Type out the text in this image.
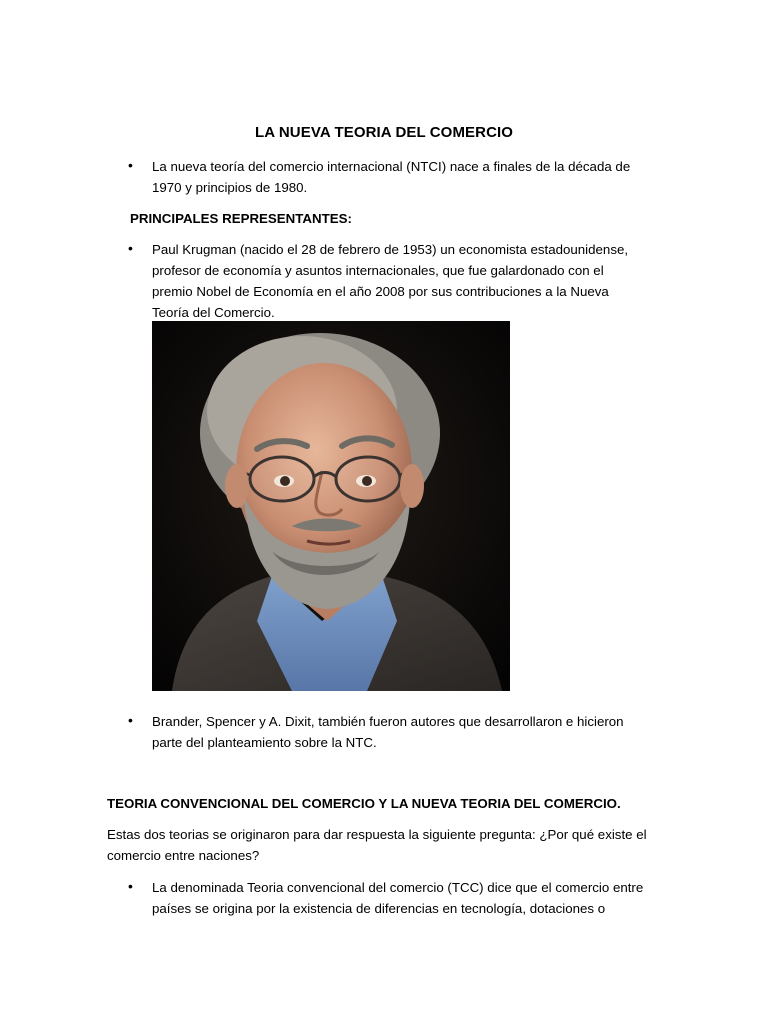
LA NUEVA TEORIA DEL COMERCIO
• La nueva teoría del comercio internacional (NTCI) nace a finales de la década de
1970 y principios de 1980.
PRINCIPALES REPRESENTANTES:
• Paul Krugman (nacido el 28 de febrero de 1953) un economista estadounidense,
profesor de economía y asuntos internacionales, que fue galardonado con el
premio Nobel de Economía en el año 2008 por sus contribuciones a la Nueva
Teoría del Comercio.
• Brander, Spencer y A. Dixit, también fueron autores que desarrollaron e hicieron
parte del planteamiento sobre la NTC.
TEORIA CONVENCIONAL DEL COMERCIO Y LA NUEVA TEORIA DEL COMERCIO.
Estas dos teorias se originaron para dar respuesta la siguiente pregunta: ¿Por qué existe el
comercio entre naciones?
• La denominada Teoria convencional del comercio (TCC) dice que el comercio entre
países se origina por la existencia de diferencias en tecnología, dotaciones o
